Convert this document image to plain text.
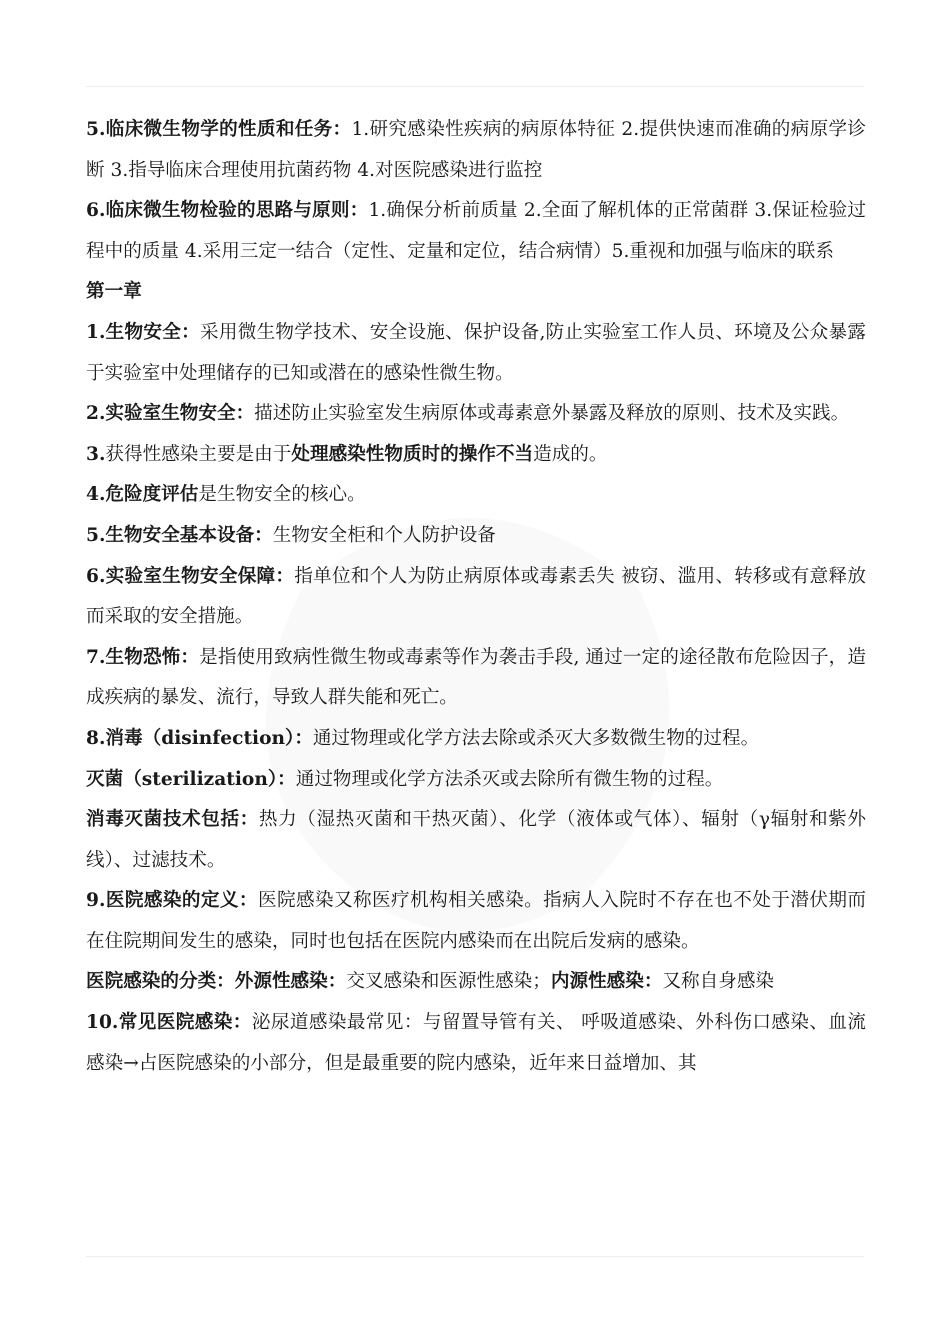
5.临床微生物学的性质和任务：1.研究感染性疾病的病原体特征 2.提供快速而准确的病原学诊断 3.指导临床合理使用抗菌药物 4.对医院感染进行监控

6.临床微生物检验的思路与原则：1.确保分析前质量 2.全面了解机体的正常菌群 3.保证检验过程中的质量 4.采用三定一结合（定性、定量和定位，结合病情）5.重视和加强与临床的联系

第一章

1.生物安全：采用微生物学技术、安全设施、保护设备,防止实验室工作人员、环境及公众暴露于实验室中处理储存的已知或潜在的感染性微生物。

2.实验室生物安全：描述防止实验室发生病原体或毒素意外暴露及释放的原则、技术及实践。

3.获得性感染主要是由于处理感染性物质时的操作不当造成的。

4.危险度评估是生物安全的核心。

5.生物安全基本设备：生物安全柜和个人防护设备

6.实验室生物安全保障：指单位和个人为防止病原体或毒素丢失 被窃、滥用、转移或有意释放而采取的安全措施。

7.生物恐怖：是指使用致病性微生物或毒素等作为袭击手段, 通过一定的途径散布危险因子，造成疾病的暴发、流行，导致人群失能和死亡。

8.消毒（disinfection）：通过物理或化学方法去除或杀灭大多数微生物的过程。

灭菌（sterilization）：通过物理或化学方法杀灭或去除所有微生物的过程。

消毒灭菌技术包括：热力（湿热灭菌和干热灭菌）、化学（液体或气体）、辐射（γ辐射和紫外线）、过滤技术。

9.医院感染的定义：医院感染又称医疗机构相关感染。指病人入院时不存在也不处于潜伏期而在住院期间发生的感染，同时也包括在医院内感染而在出院后发病的感染。

医院感染的分类：外源性感染：交叉感染和医源性感染；内源性感染：又称自身感染

10.常见医院感染：泌尿道感染最常见：与留置导管有关、 呼吸道感染、外科伤口感染、血流感染→占医院感染的小部分，但是最重要的院内感染，近年来日益增加、其
